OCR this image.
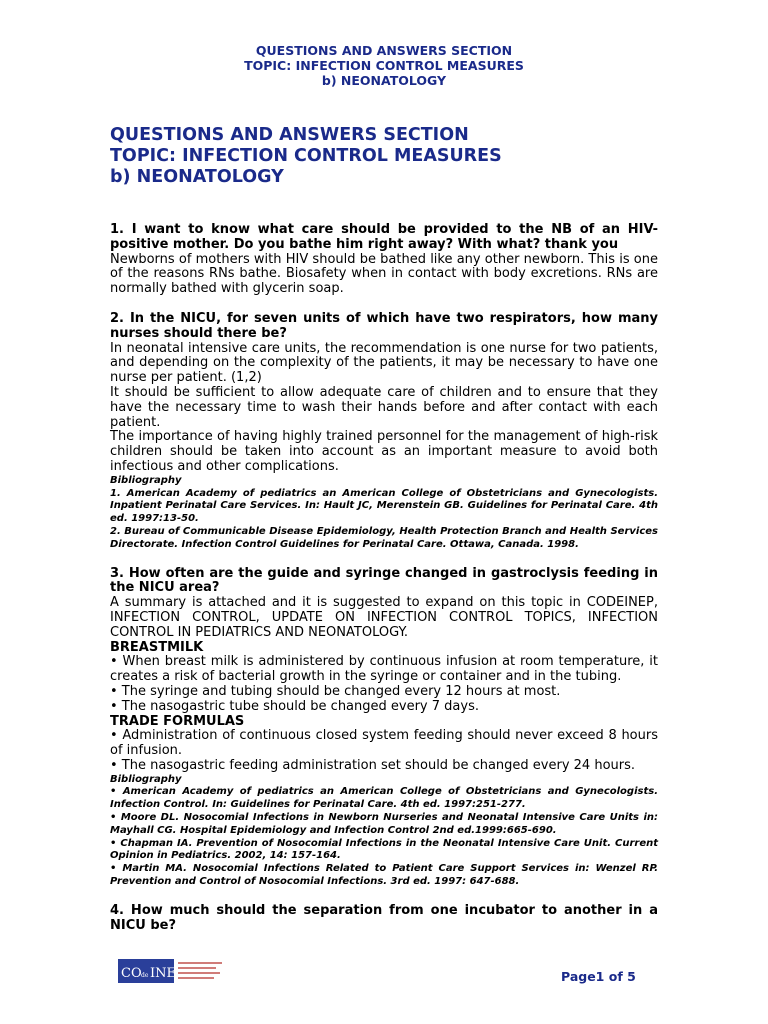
QUESTIONS AND ANSWERS SECTION
TOPIC: INFECTION CONTROL MEASURES
b) NEONATOLOGY
QUESTIONS AND ANSWERS SECTION
TOPIC: INFECTION CONTROL MEASURES
b) NEONATOLOGY

1. I want to know what care should be provided to the NB of an HIV-positive mother. Do you bathe him right away? With what? thank you

Newborns of mothers with HIV should be bathed like any other newborn. This is one of the reasons RNs bathe. Biosafety when in contact with body excretions. RNs are normally bathed with glycerin soap.

2. In the NICU, for seven units of which have two respirators, how many nurses should there be?

In neonatal intensive care units, the recommendation is one nurse for two patients, and depending on the complexity of the patients, it may be necessary to have one nurse per patient. (1,2)

It should be sufficient to allow adequate care of children and to ensure that they have the necessary time to wash their hands before and after contact with each patient.

The importance of having highly trained personnel for the management of high-risk children should be taken into account as an important measure to avoid both infectious and other complications.

Bibliography

1. American Academy of pediatrics an American College of Obstetricians and Gynecologists. Inpatient Perinatal Care Services. In: Hault JC, Merenstein GB. Guidelines for Perinatal Care. 4th ed. 1997:13-50.

2. Bureau of Communicable Disease Epidemiology, Health Protection Branch and Health Services Directorate. Infection Control Guidelines for Perinatal Care. Ottawa, Canada. 1998.

3. How often are the guide and syringe changed in gastroclysis feeding in the NICU area?

A summary is attached and it is suggested to expand on this topic in CODEINEP, INFECTION CONTROL, UPDATE ON INFECTION CONTROL TOPICS, INFECTION CONTROL IN PEDIATRICS AND NEONATOLOGY.

BREASTMILK

• When breast milk is administered by continuous infusion at room temperature, it creates a risk of bacterial growth in the syringe or container and in the tubing.

• The syringe and tubing should be changed every 12 hours at most.

• The nasogastric tube should be changed every 7 days.

TRADE FORMULAS

• Administration of continuous closed system feeding should never exceed 8 hours of infusion.

• The nasogastric feeding administration set should be changed every 24 hours.

Bibliography

• American Academy of pediatrics an American College of Obstetricians and Gynecologists. Infection Control. In: Guidelines for Perinatal Care. 4th ed. 1997:251-277.

• Moore DL. Nosocomial Infections in Newborn Nurseries and Neonatal Intensive Care Units in: Mayhall CG. Hospital Epidemiology and Infection Control 2nd ed.1999:665-690.

• Chapman IA. Prevention of Nosocomial Infections in the Neonatal Intensive Care Unit. Current Opinion in Pediatrics. 2002, 14: 157-164.

• Martin MA. Nosocomial Infections Related to Patient Care Support Services in: Wenzel RP. Prevention and Control of Nosocomial Infections. 3rd ed. 1997: 647-688.

4. How much should the separation from one incubator to another in a NICU be?

CO de INEP	Page1 of 5
